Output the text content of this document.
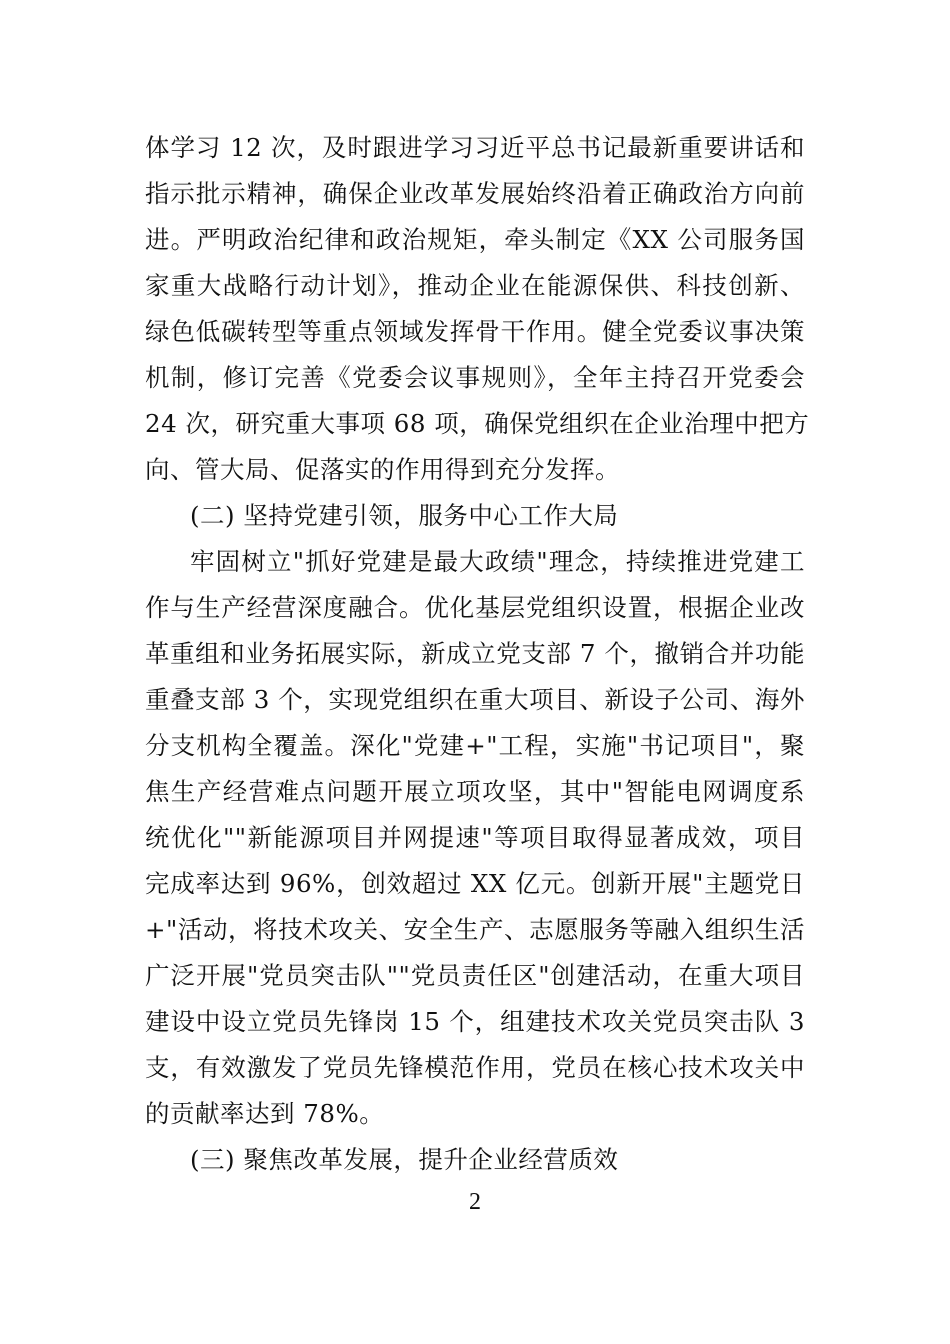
体学习 12 次，及时跟进学习习近平总书记最新重要讲话和
指示批示精神，确保企业改革发展始终沿着正确政治方向前
进。严明政治纪律和政治规矩，牵头制定《XX 公司服务国
家重大战略行动计划》，推动企业在能源保供、科技创新、
绿色低碳转型等重点领域发挥骨干作用。健全党委议事决策
机制，修订完善《党委会议事规则》，全年主持召开党委会
24 次，研究重大事项 68 项，确保党组织在企业治理中把方
向、管大局、促落实的作用得到充分发挥。
(二) 坚持党建引领，服务中心工作大局
牢固树立"抓好党建是最大政绩"理念，持续推进党建工
作与生产经营深度融合。优化基层党组织设置，根据企业改
革重组和业务拓展实际，新成立党支部 7 个，撤销合并功能
重叠支部 3 个，实现党组织在重大项目、新设子公司、海外
分支机构全覆盖。深化"党建+"工程，实施"书记项目"，聚
焦生产经营难点问题开展立项攻坚，其中"智能电网调度系
统优化""新能源项目并网提速"等项目取得显著成效，项目
完成率达到 96%，创效超过 XX 亿元。创新开展"主题党日
+"活动，将技术攻关、安全生产、志愿服务等融入组织生活
广泛开展"党员突击队""党员责任区"创建活动，在重大项目
建设中设立党员先锋岗 15 个，组建技术攻关党员突击队 3
支，有效激发了党员先锋模范作用，党员在核心技术攻关中
的贡献率达到 78%。
(三) 聚焦改革发展，提升企业经营质效
2
